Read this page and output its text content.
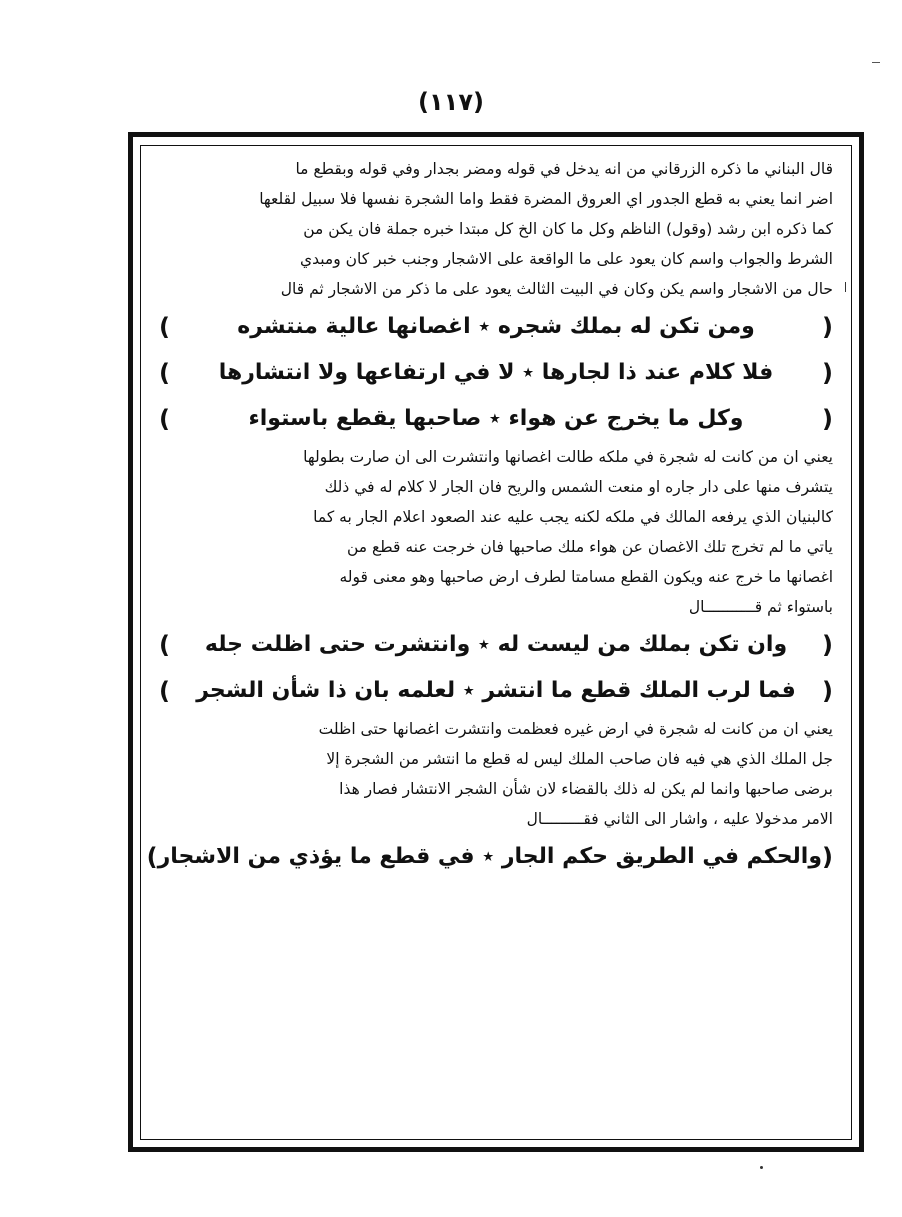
(١١٧)
قال البناني ما ذكره الزرقاني من انه يدخل في قوله ومضر بجدار وفي قوله وبقطع ما
اضر انما يعني به قطع الجدور اي العروق المضرة فقط واما الشجرة نفسها فلا سبيل لقلعها
كما ذكره ابن رشد (وقول) الناظم وكل ما كان الخ كل مبتدا خبره جملة فان يكن من
الشرط والجواب واسم كان يعود على ما الواقعة على الاشجار وجنب خبر كان ومبدي
حال من الاشجار واسم يكن وكان في البيت الثالث يعود على ما ذكر من الاشجار ثم قال
(
ومن تكن له بملك شجره ٭ اغصانها عالية منتشره
)
(
فلا كلام عند ذا لجارها ٭ لا في ارتفاعها ولا انتشارها
)
(
وكل ما يخرج عن هواء ٭ صاحبها يقطع باستواء
)
يعني ان من كانت له شجرة في ملكه طالت اغصانها وانتشرت الى ان صارت بطولها
يتشرف منها على دار جاره او منعت الشمس والريح فان الجار لا كلام له في ذلك
كالبنيان الذي يرفعه المالك في ملكه لكنه يجب عليه عند الصعود اعلام الجار به كما
ياتي ما لم تخرج تلك الاغصان عن هواء ملك صاحبها فان خرجت عنه قطع من
اغصانها ما خرج عنه ويكون القطع مسامتا لطرف ارض صاحبها وهو معنى قوله
باستواء ثم قـــــــــــال
(
وان تكن بملك من ليست له ٭ وانتشرت حتى اظلت جله
)
(
فما لرب الملك قطع ما انتشر ٭ لعلمه بان ذا شأن الشجر
)
يعني ان من كانت له شجرة في ارض غيره فعظمت وانتشرت اغصانها حتى اظلت
جل الملك الذي هي فيه فان صاحب الملك ليس له قطع ما انتشر من الشجرة إلا
برضى صاحبها وانما لم يكن له ذلك بالقضاء لان شأن الشجر الانتشار فصار هذا
الامر مدخولا عليه ، واشار الى الثاني فقـــــــــال
(
والحكم في الطريق حكم الجار ٭ في قطع ما يؤذي من الاشجار
)
